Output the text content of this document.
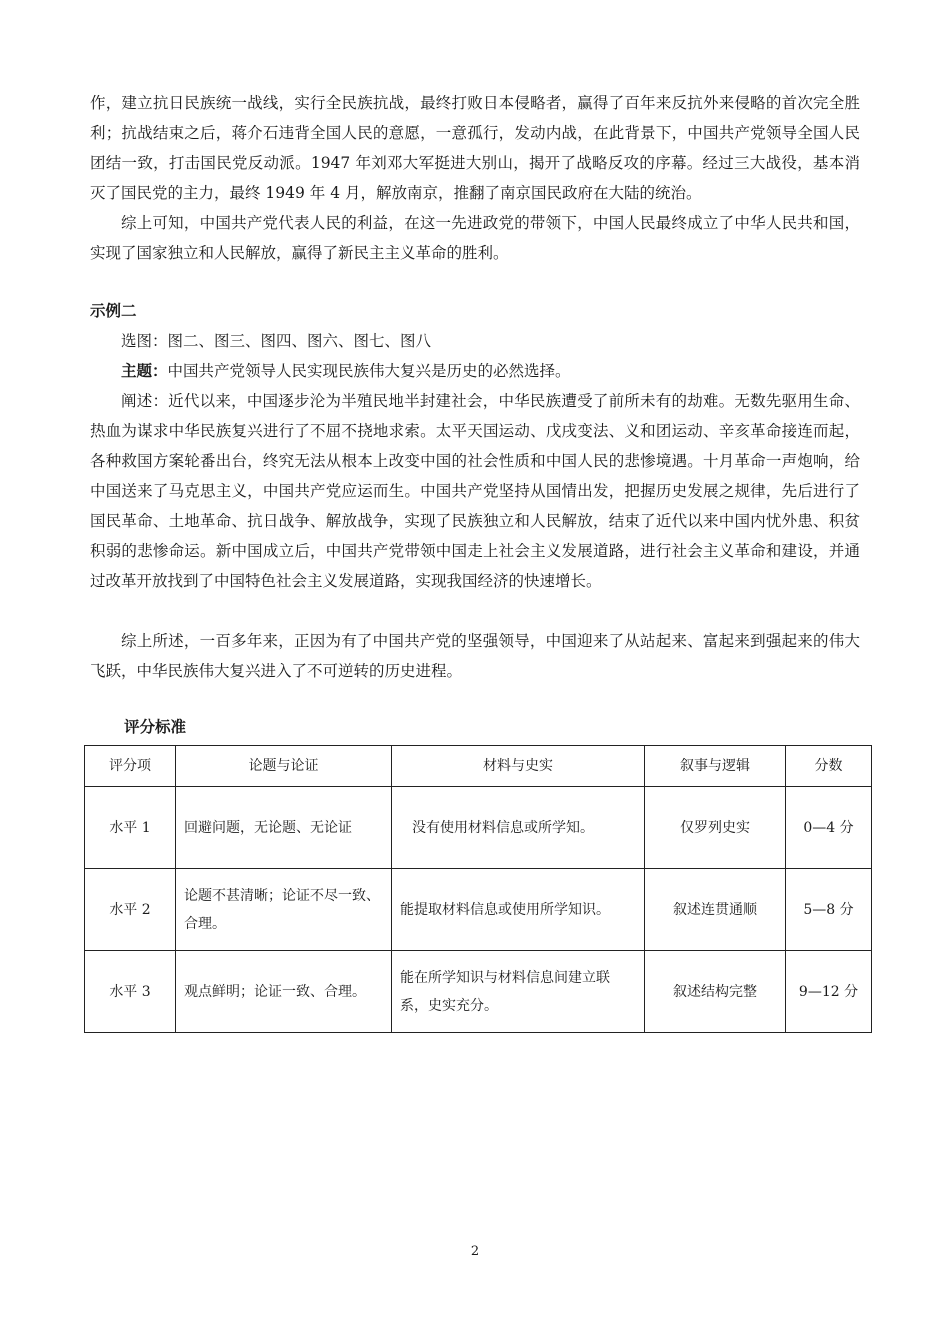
作，建立抗日民族统一战线，实行全民族抗战，最终打败日本侵略者，赢得了百年来反抗外来侵略的首次完全胜利；抗战结束之后，蒋介石违背全国人民的意愿，一意孤行，发动内战，在此背景下，中国共产党领导全国人民团结一致，打击国民党反动派。1947 年刘邓大军挺进大别山，揭开了战略反攻的序幕。经过三大战役，基本消灭了国民党的主力，最终 1949 年 4 月，解放南京，推翻了南京国民政府在大陆的统治。

综上可知，中国共产党代表人民的利益，在这一先进政党的带领下，中国人民最终成立了中华人民共和国，实现了国家独立和人民解放，赢得了新民主主义革命的胜利。

示例二

选图：图二、图三、图四、图六、图七、图八

主题：中国共产党领导人民实现民族伟大复兴是历史的必然选择。

阐述：近代以来，中国逐步沦为半殖民地半封建社会，中华民族遭受了前所未有的劫难。无数先驱用生命、热血为谋求中华民族复兴进行了不屈不挠地求索。太平天国运动、戊戌变法、义和团运动、辛亥革命接连而起，各种救国方案轮番出台，终究无法从根本上改变中国的社会性质和中国人民的悲惨境遇。十月革命一声炮响，给中国送来了马克思主义，中国共产党应运而生。中国共产党坚持从国情出发，把握历史发展之规律，先后进行了国民革命、土地革命、抗日战争、解放战争，实现了民族独立和人民解放，结束了近代以来中国内忧外患、积贫积弱的悲惨命运。新中国成立后，中国共产党带领中国走上社会主义发展道路，进行社会主义革命和建设，并通过改革开放找到了中国特色社会主义发展道路，实现我国经济的快速增长。

综上所述，一百多年来，正因为有了中国共产党的坚强领导，中国迎来了从站起来、富起来到强起来的伟大飞跃，中华民族伟大复兴进入了不可逆转的历史进程。

评分标准
评分项	论题与论证	材料与史实	叙事与逻辑	分数
水平 1	回避问题，无论题、无论证	没有使用材料信息或所学知。	仅罗列史实	0—4 分
水平 2	论题不甚清晰；论证不尽一致、合理。	能提取材料信息或使用所学知识。	叙述连贯通顺	5—8 分
水平 3	观点鲜明；论证一致、合理。	能在所学知识与材料信息间建立联系，史实充分。	叙述结构完整	9—12 分
2
